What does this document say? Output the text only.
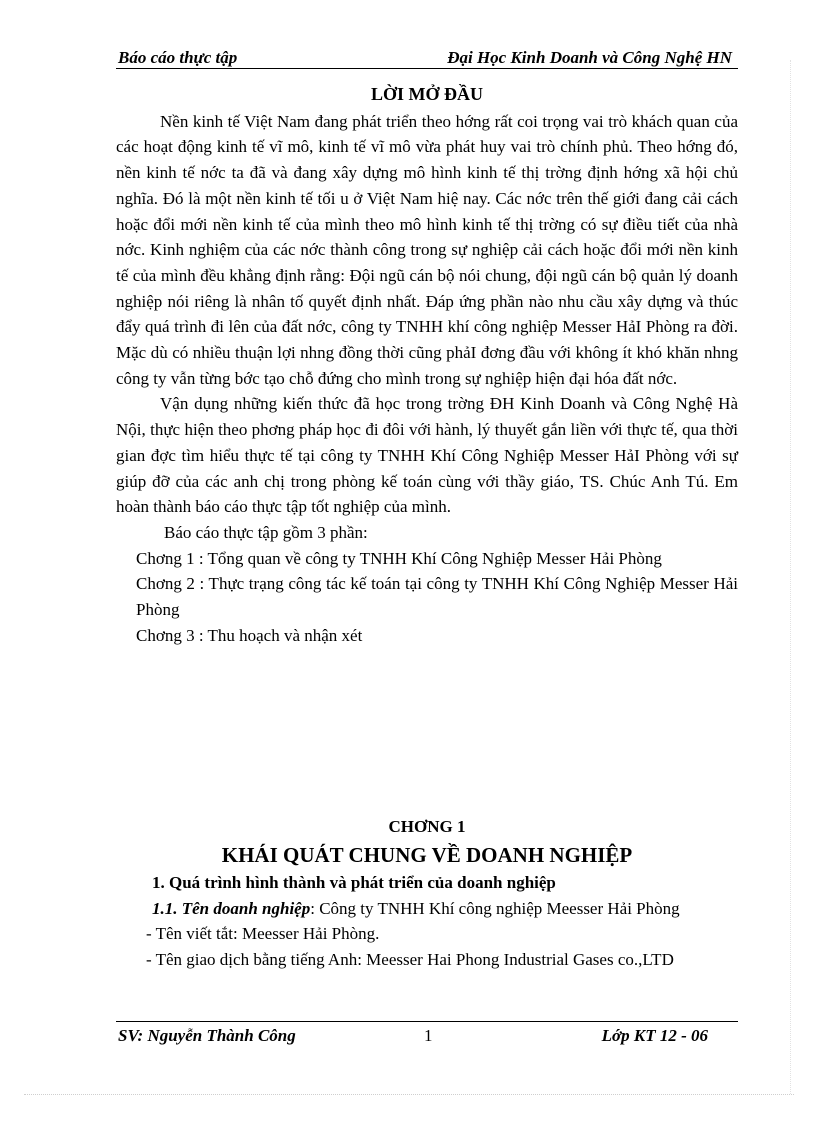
Báo cáo thực tập	Đại Học Kinh Doanh và Công Nghệ HN
LỜI MỞ ĐẦU

Nền kinh tế Việt Nam đang phát triển theo hớng rất coi trọng vai trò khách quan của các hoạt động kinh tế vĩ mô, kinh tế vĩ mô vừa phát huy vai trò chính phủ. Theo hớng đó, nền kinh tế nớc ta đã và đang xây dựng mô hình kinh tế thị trờng định hớng xã hội chủ nghĩa. Đó là một nền kinh tế tối u ở Việt Nam hiệ nay. Các nớc trên thế giới đang cải cách hoặc đổi mới nền kinh tế của mình theo mô hình kinh tế thị trờng có sự điều tiết của nhà nớc. Kinh nghiệm của các nớc thành công trong sự nghiệp cải cách hoặc đổi mới nền kinh tế của mình đều khẳng định rằng: Đội ngũ cán bộ nói chung, đội ngũ cán bộ quản lý doanh nghiệp nói riêng là nhân tố quyết định nhất. Đáp ứng phần nào nhu cầu xây dựng và thúc đẩy quá trình đi lên của đất nớc, công ty TNHH khí công nghiệp Messer HảI Phòng ra đời. Mặc dù có nhiều thuận lợi nhng đồng thời cũng phảI đơng đầu với không ít khó khăn nhng công ty vẫn từng bớc tạo chỗ đứng cho mình trong sự nghiệp hiện đại hóa đất nớc.

Vận dụng những kiến thức đã học trong trờng ĐH Kinh Doanh và Công Nghệ Hà Nội, thực hiện theo phơng pháp học đi đôi với hành, lý thuyết gắn liền với thực tế, qua thời gian đợc tìm hiểu thực tế tại công ty TNHH Khí Công Nghiệp Messer HảI Phòng với sự giúp đỡ của các anh chị trong phòng kế toán cùng với thầy giáo, TS. Chúc Anh Tú. Em hoàn thành báo cáo thực tập tốt nghiệp của mình.

Báo cáo thực tập gồm 3 phần:

Chơng 1 : Tổng quan về công ty TNHH Khí Công Nghiệp Messer Hải Phòng

Chơng 2 : Thực trạng công tác kế toán tại công ty TNHH Khí Công Nghiệp Messer Hải Phòng

Chơng 3 : Thu hoạch và nhận xét

CHƠNG 1
KHÁI QUÁT CHUNG VỀ DOANH NGHIỆP

1. Quá trình hình thành và phát triển của doanh nghiệp

1.1. Tên doanh nghiệp: Công ty TNHH Khí công nghiệp Meesser Hải Phòng

- Tên viết tắt: Meesser Hải Phòng.

- Tên giao dịch bằng tiếng Anh: Meesser Hai Phong Industrial Gases co.,LTD

SV: Nguyễn Thành Công	1	Lớp KT 12 - 06
